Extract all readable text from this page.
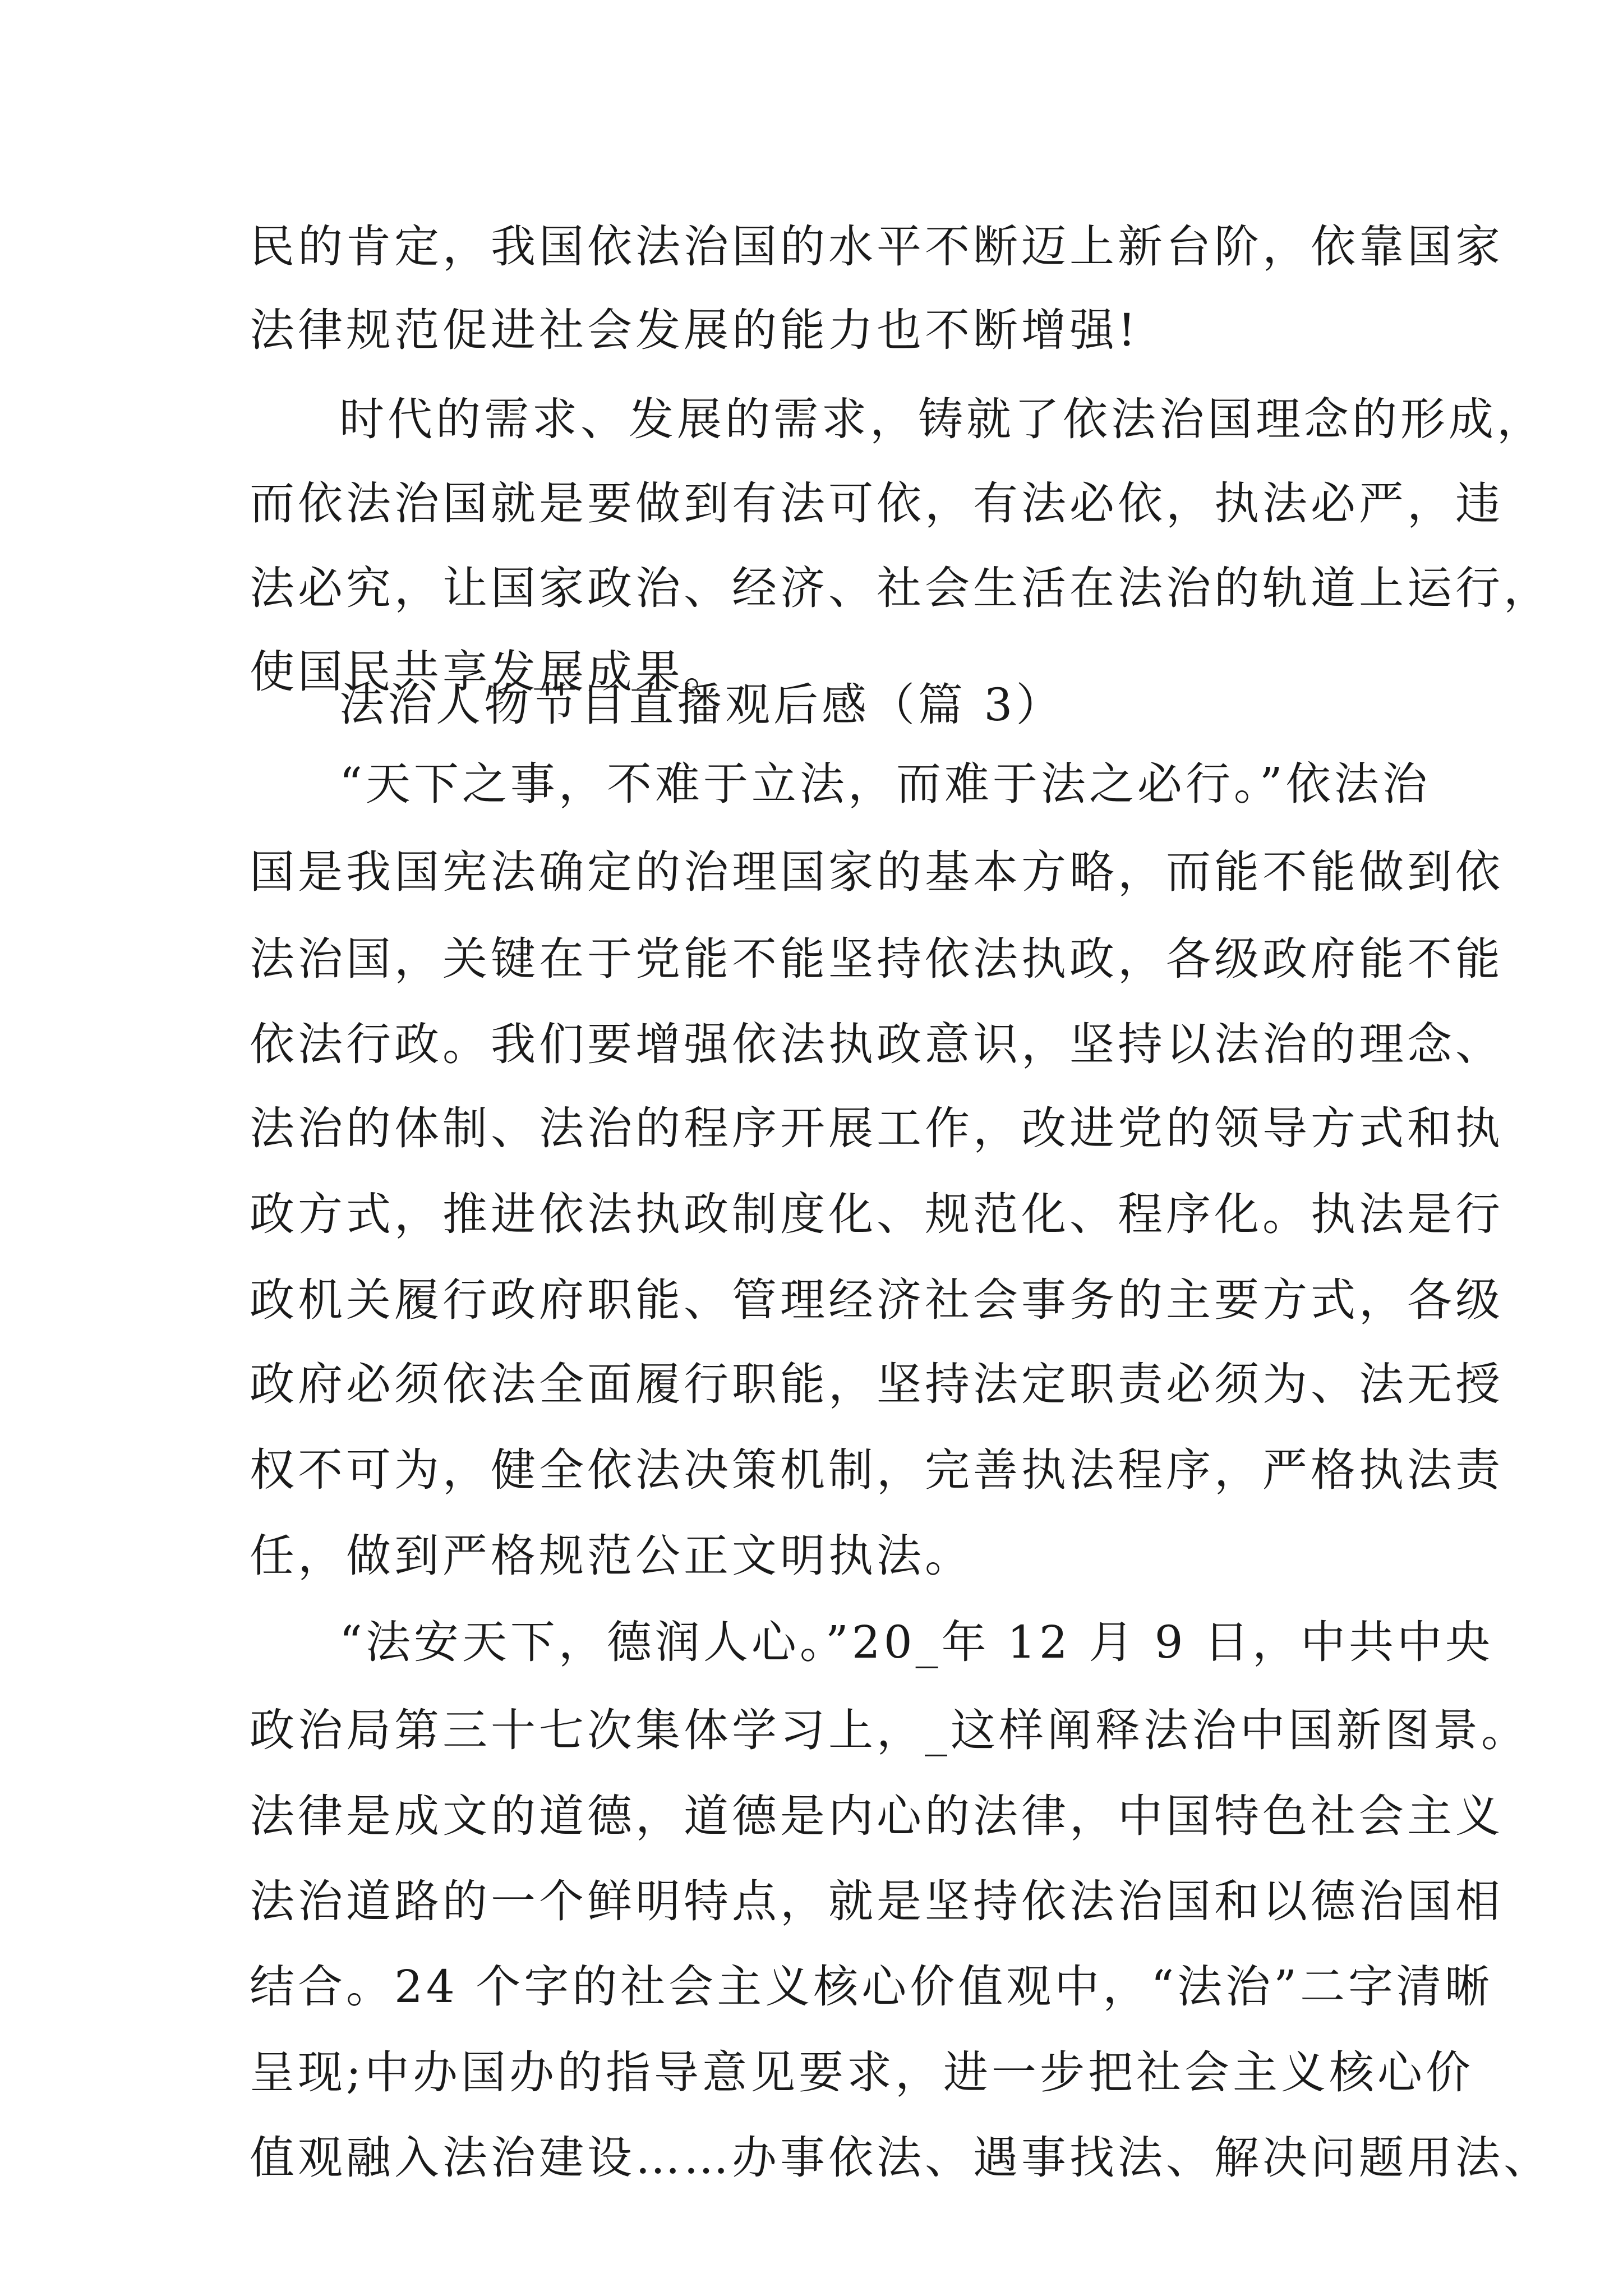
民的肯定，我国依法治国的水平不断迈上新台阶，依靠国家
法律规范促进社会发展的能力也不断增强!
时代的需求、发展的需求，铸就了依法治国理念的形成，
而依法治国就是要做到有法可依，有法必依，执法必严，违
法必究，让国家政治、经济、社会生活在法治的轨道上运行，
使国民共享发展成果。
法治人物节目直播观后感（篇 3）
“天下之事，不难于立法，而难于法之必行。”依法治
国是我国宪法确定的治理国家的基本方略，而能不能做到依
法治国，关键在于党能不能坚持依法执政，各级政府能不能
依法行政。我们要增强依法执政意识，坚持以法治的理念、
法治的体制、法治的程序开展工作，改进党的领导方式和执
政方式，推进依法执政制度化、规范化、程序化。执法是行
政机关履行政府职能、管理经济社会事务的主要方式，各级
政府必须依法全面履行职能，坚持法定职责必须为、法无授
权不可为，健全依法决策机制，完善执法程序，严格执法责
任，做到严格规范公正文明执法。
“法安天下，德润人心。”20_年 12 月 9 日，中共中央
政治局第三十七次集体学习上，_这样阐释法治中国新图景。
法律是成文的道德，道德是内心的法律，中国特色社会主义
法治道路的一个鲜明特点，就是坚持依法治国和以德治国相
结合。24 个字的社会主义核心价值观中，“法治”二字清晰
呈现;中办国办的指导意见要求，进一步把社会主义核心价
值观融入法治建设……办事依法、遇事找法、解决问题用法、
